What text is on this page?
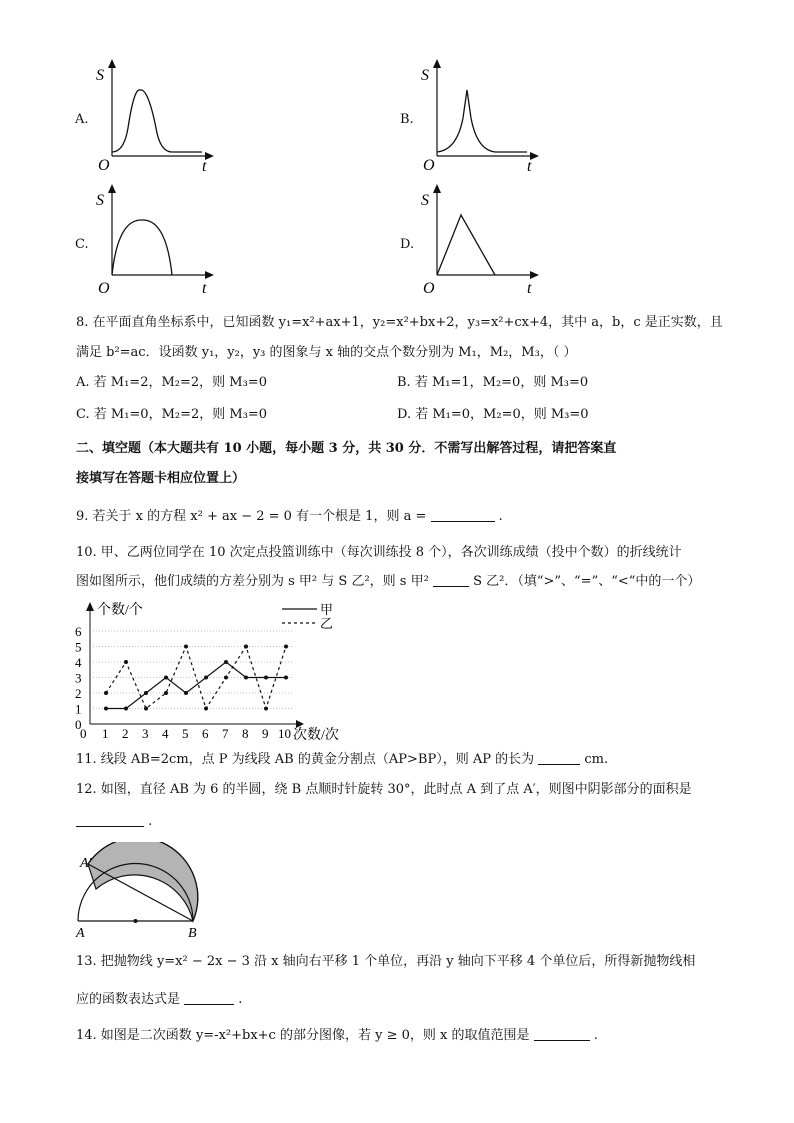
A.
S
O	t
B.
S
O	t
C.
S
O	t
D.
S
O	t
8. 在平面直角坐标系中，已知函数 y₁=x²+ax+1，y₂=x²+bx+2，y₃=x²+cx+4，其中 a，b，c 是正实数，且
满足 b²=ac．设函数 y₁，y₂，y₃ 的图象与 x 轴的交点个数分别为 M₁，M₂，M₃，（ ）
A. 若 M₁=2，M₂=2，则 M₃=0	B. 若 M₁=1，M₂=0，则 M₃=0
C. 若 M₁=0，M₂=2，则 M₃=0	D. 若 M₁=0，M₂=0，则 M₃=0
二、填空题（本大题共有 10 小题，每小题 3 分，共 30 分．不需写出解答过程，请把答案直
接填写在答题卡相应位置上）
9. 若关于 x 的方程 x² + ax − 2 = 0 有一个根是 1，则 a =	.
10. 甲、乙两位同学在 10 次定点投篮训练中（每次训练投 8 个），各次训练成绩（投中个数）的折线统计
图如图所示，他们成绩的方差分别为 s 甲² 与 S 乙²，则 s 甲²	S 乙²．（填“>”、“=”、“<“中的一个）
0
1
2
3
4
5
6
0 1 2 3 4 5 6 7 8 9 10
个数/个
次数/次
甲
乙
11. 线段 AB=2cm，点 P 为线段 AB 的黄金分割点（AP>BP），则 AP 的长为	cm.
12. 如图，直径 AB 为 6 的半圆，绕 B 点顺时针旋转 30°，此时点 A 到了点 A′，则图中阴影部分的面积是
.
A′
A	B
13. 把抛物线 y=x² − 2x − 3 沿 x 轴向右平移 1 个单位，再沿 y 轴向下平移 4 个单位后，所得新抛物线相
应的函数表达式是	.
14. 如图是二次函数 y=-x²+bx+c 的部分图像，若 y ≥ 0，则 x 的取值范围是	.
